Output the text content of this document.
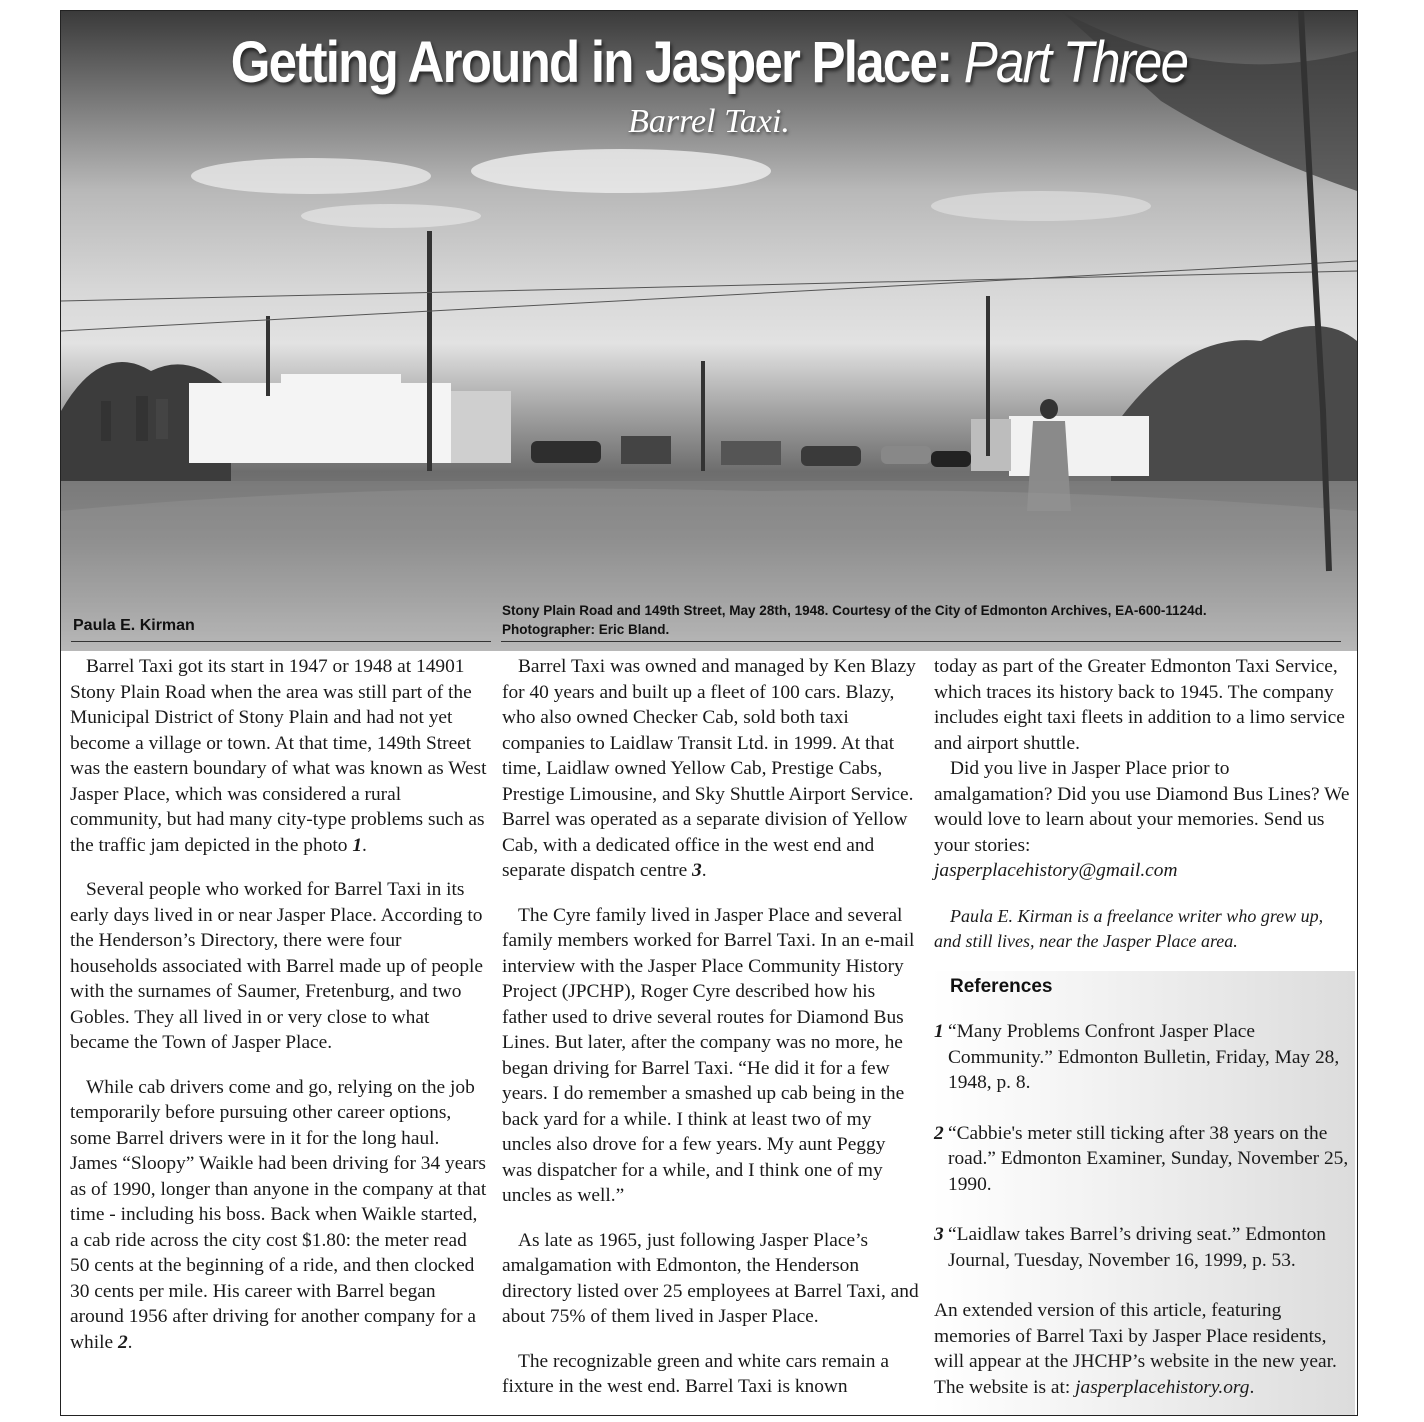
Getting Around in Jasper Place: Part Three
Barrel Taxi.
Paula E. Kirman
Stony Plain Road and 149th Street, May 28th, 1948. Courtesy of the City of Edmonton Archives, EA-600-1124d.
Photographer: Eric Bland.

Barrel Taxi got its start in 1947 or 1948 at 14901 Stony Plain Road when the area was still part of the Municipal District of Stony Plain and had not yet become a village or town. At that time, 149th Street was the eastern boundary of what was known as West Jasper Place, which was considered a rural community, but had many city-type problems such as the traffic jam depicted in the photo 1.

Several people who worked for Barrel Taxi in its early days lived in or near Jasper Place. According to the Henderson’s Directory, there were four households associated with Barrel made up of people with the surnames of Saumer, Fretenburg, and two Gobles. They all lived in or very close to what became the Town of Jasper Place.

While cab drivers come and go, relying on the job temporarily before pursuing other career options, some Barrel drivers were in it for the long haul. James “Sloopy” Waikle had been driving for 34 years as of 1990, longer than anyone in the company at that time - including his boss. Back when Waikle started, a cab ride across the city cost $1.80: the meter read 50 cents at the beginning of a ride, and then clocked 30 cents per mile. His career with Barrel began around 1956 after driving for another company for a while 2.

Barrel Taxi was owned and managed by Ken Blazy for 40 years and built up a fleet of 100 cars. Blazy, who also owned Checker Cab, sold both taxi companies to Laidlaw Transit Ltd. in 1999. At that time, Laidlaw owned Yellow Cab, Prestige Cabs, Prestige Limousine, and Sky Shuttle Airport Service. Barrel was operated as a separate division of Yellow Cab, with a dedicated office in the west end and separate dispatch centre 3.

The Cyre family lived in Jasper Place and several family members worked for Barrel Taxi. In an e-mail interview with the Jasper Place Community History Project (JPCHP), Roger Cyre described how his father used to drive several routes for Diamond Bus Lines. But later, after the company was no more, he began driving for Barrel Taxi. “He did it for a few years. I do remember a smashed up cab being in the back yard for a while. I think at least two of my uncles also drove for a few years. My aunt Peggy was dispatcher for a while, and I think one of my uncles as well.”

As late as 1965, just following Jasper Place’s amalgamation with Edmonton, the Henderson directory listed over 25 employees at Barrel Taxi, and about 75% of them lived in Jasper Place.

The recognizable green and white cars remain a fixture in the west end. Barrel Taxi is known

today as part of the Greater Edmonton Taxi Service, which traces its history back to 1945. The company includes eight taxi fleets in addition to a limo service and airport shuttle.

Did you live in Jasper Place prior to amalgamation? Did you use Diamond Bus Lines? We would love to learn about your memories. Send us your stories:

jasperplacehistory@gmail.com

Paula E. Kirman is a freelance writer who grew up, and still lives, near the Jasper Place area.

References
1 “Many Problems Confront Jasper Place Community.” Edmonton Bulletin, Friday, May 28, 1948, p. 8.
2 “Cabbie's meter still ticking after 38 years on the road.” Edmonton Examiner, Sunday, November 25, 1990.
3 “Laidlaw takes Barrel’s driving seat.” Edmonton Journal, Tuesday, November 16, 1999, p. 53.
An extended version of this article, featuring memories of Barrel Taxi by Jasper Place residents, will appear at the JHCHP’s website in the new year. The website is at: jasperplacehistory.org.
